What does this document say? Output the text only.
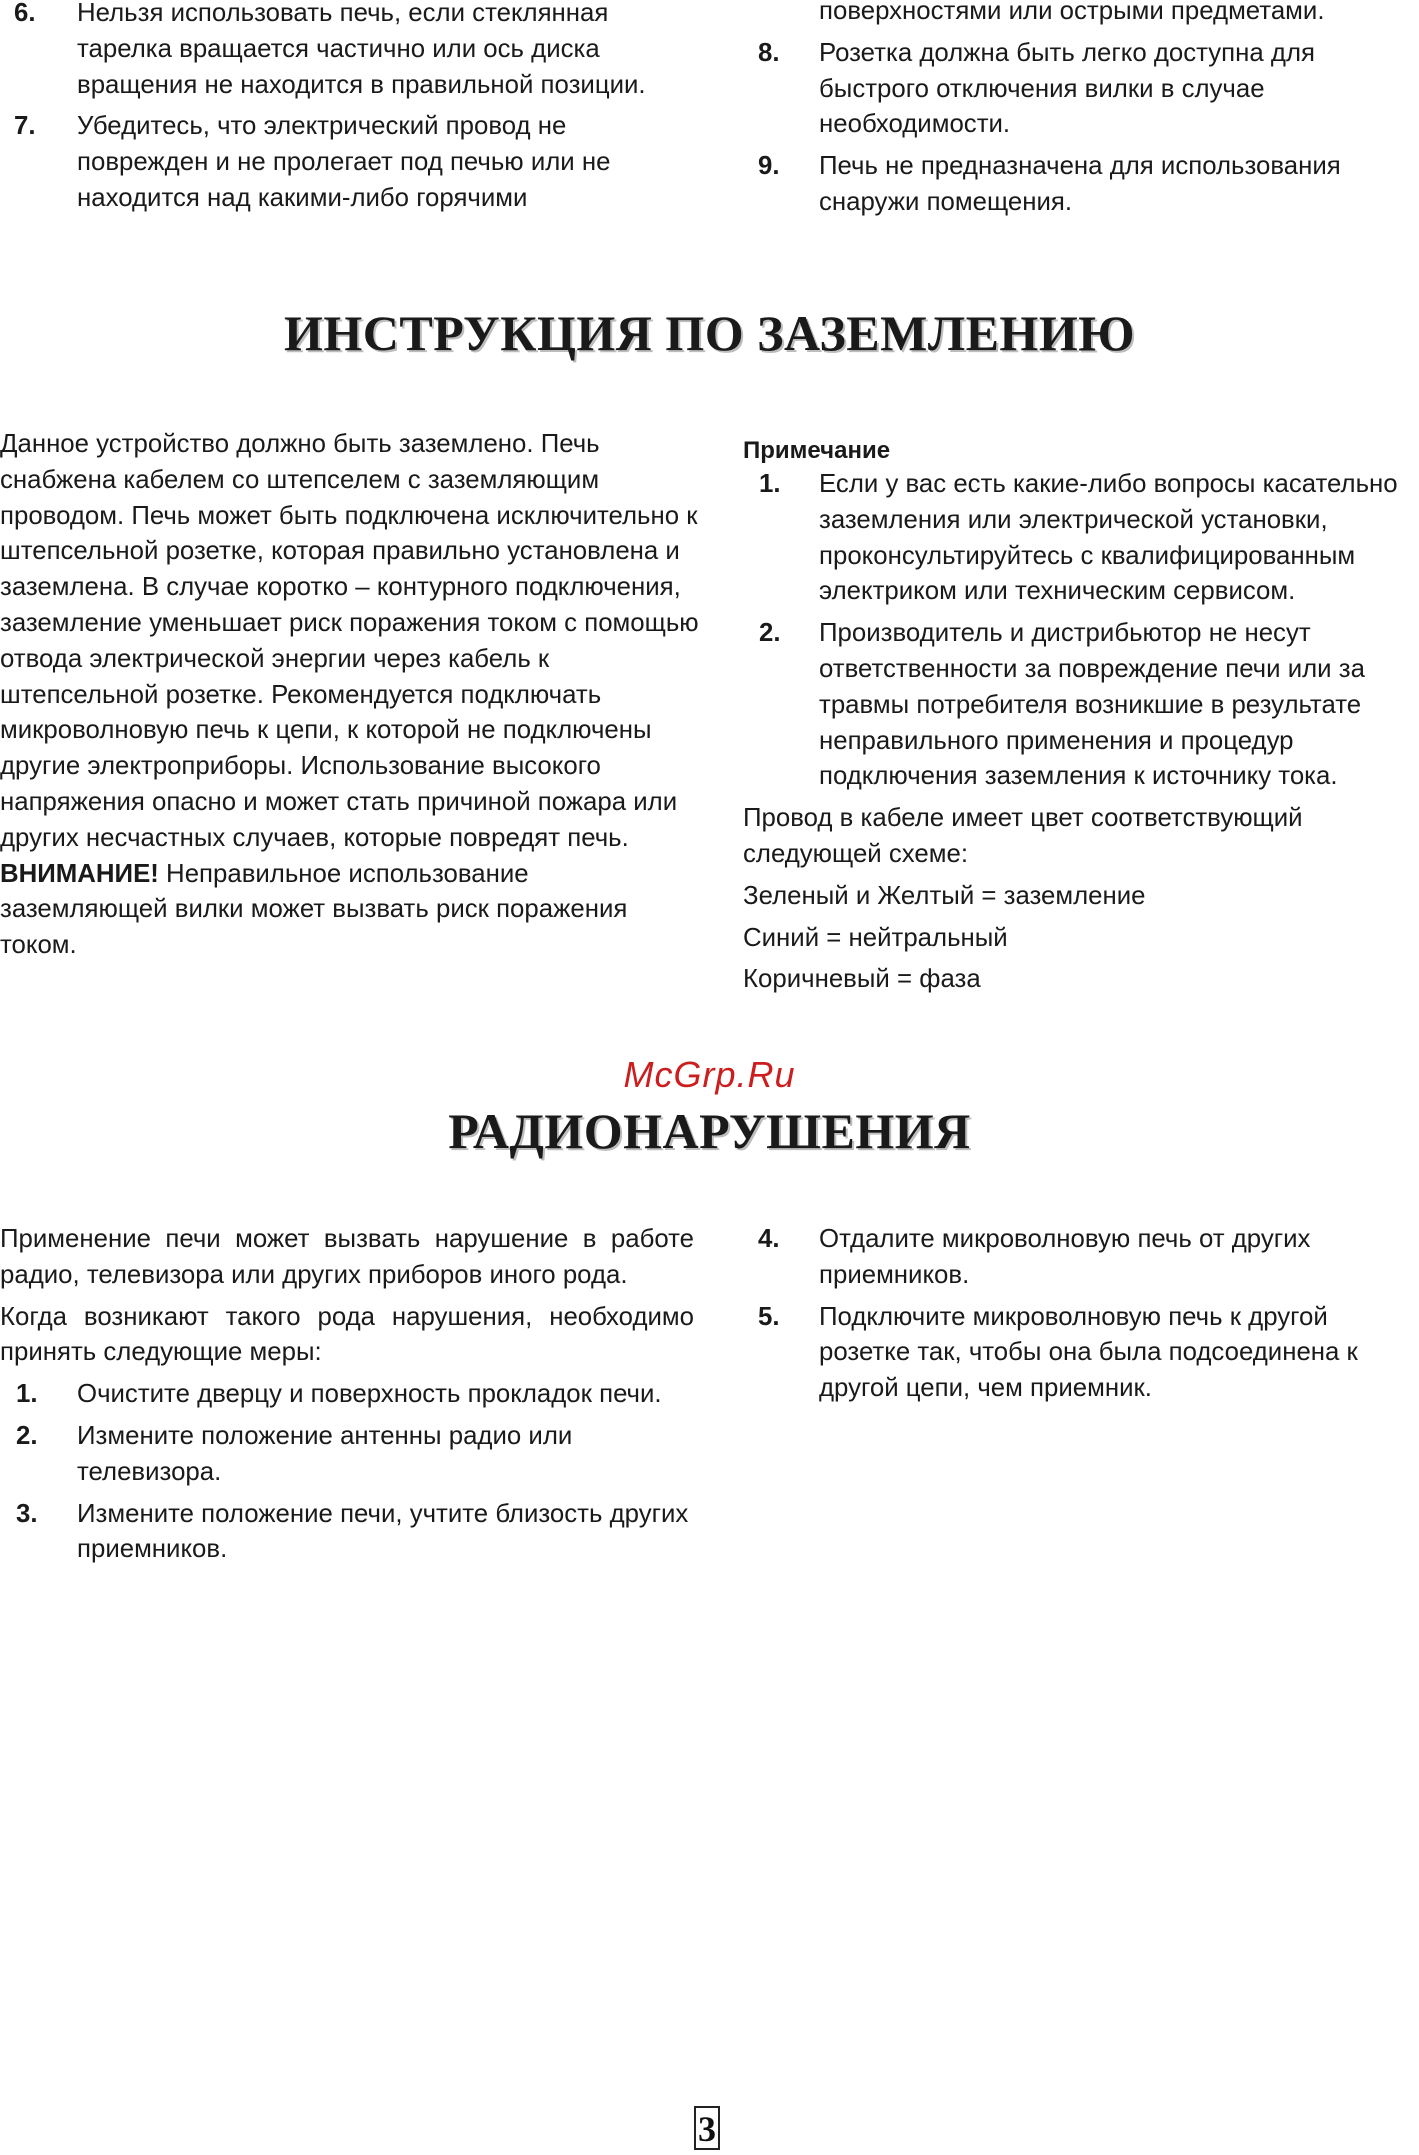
6. Нельзя использовать печь, если стеклянная тарелка вращается частично или ось диска вращения не находится в правильной позиции.
7. Убедитесь, что электрический провод не поврежден и не пролегает под печью или не находится над какими-либо горячими

поверхностями или острыми предметами.

8. Розетка должна быть легко доступна для быстрого отключения вилки в случае необходимости.
9. Печь не предназначена для использования снаружи помещения.
ИНСТРУКЦИЯ ПО ЗАЗЕМЛЕНИЮ

Данное устройство должно быть заземлено. Печь снабжена кабелем со штепселем с заземляющим проводом. Печь может быть подключена исключительно к штепсельной розетке, которая правильно установлена и заземлена. В случае коротко – контурного подключения, заземление уменьшает риск поражения током с помощью отвода электрической энергии через кабель к штепсельной розетке. Рекомендуется подключать микроволновую печь к цепи, к которой не подключены другие электроприборы. Использование высокого напряжения опасно и может стать причиной пожара или других несчастных случаев, которые повредят печь.

ВНИМАНИЕ! Неправильное использование заземляющей вилки может вызвать риск поражения током.

Примечание

1. Если у вас есть какие-либо вопросы касательно заземления или электрической установки, проконсультируйтесь с квалифицированным электриком или техническим сервисом.
2. Производитель и дистрибьютор не несут ответственности за повреждение печи или за травмы потребителя возникшие в результате неправильного применения и процедур подключения заземления к источнику тока.

Провод в кабеле имеет цвет соответствующий следующей схеме:

Зеленый и Желтый = заземление

Синий = нейтральный

Коричневый = фаза

McGrp.Ru
РАДИОНАРУШЕНИЯ

Применение печи может вызвать нарушение в работе радио, телевизора или других приборов иного рода.

Когда возникают такого рода нарушения, необходимо принять следующие меры:

1. Очистите дверцу и поверхность прокладок печи.
2. Измените положение антенны радио или телевизора.
3. Измените положение печи, учтите близость других приемников.
4. Отдалите микроволновую печь от других приемников.
5. Подключите микроволновую печь к другой розетке так, чтобы она была подсоединена к другой цепи, чем приемник.
3
